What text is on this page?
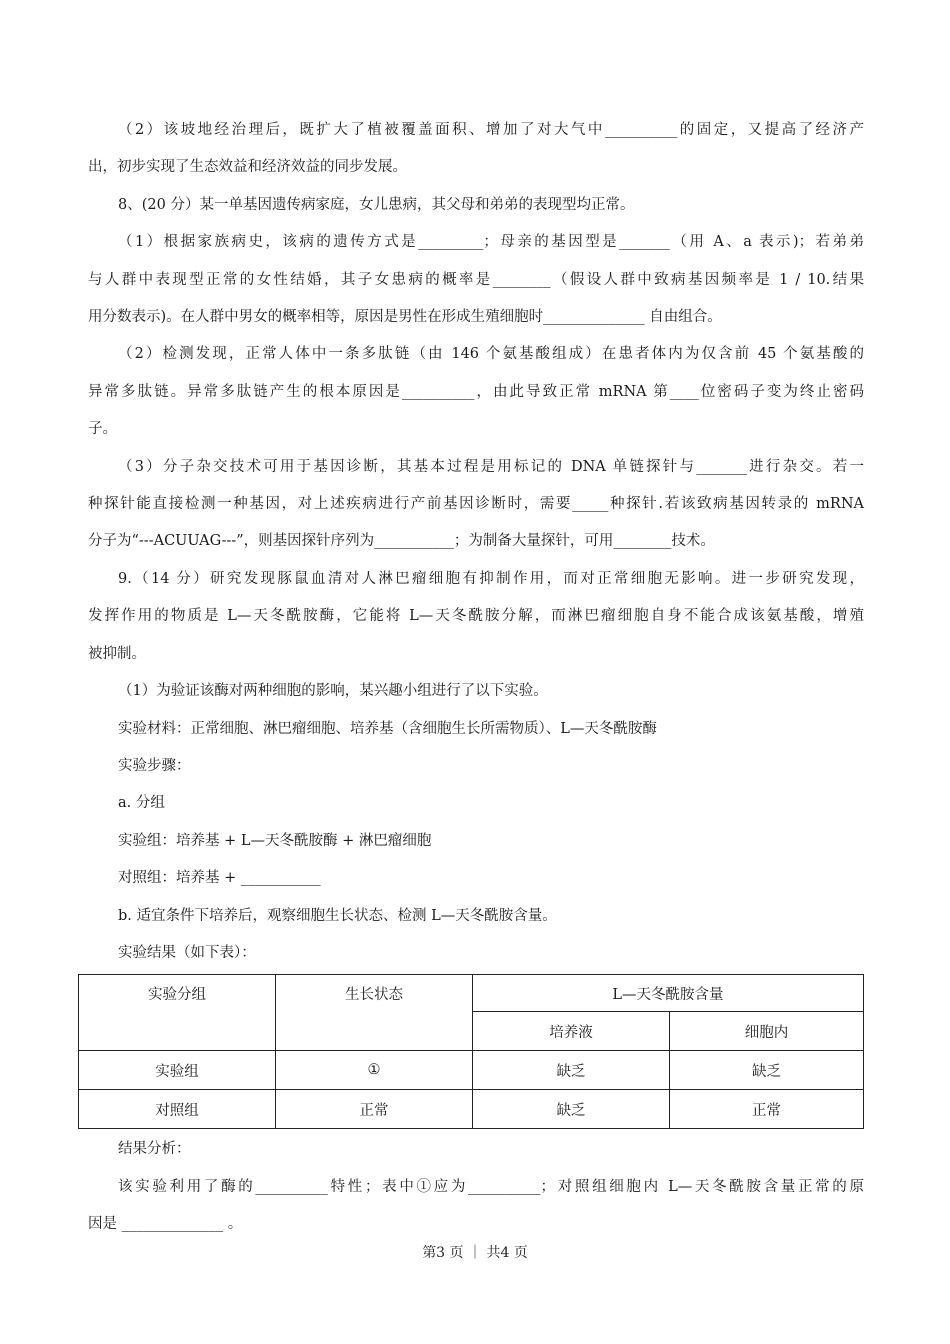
（2）该坡地经治理后，既扩大了植被覆盖面积、增加了对大气中__________的固定，又提高了经济产

出，初步实现了生态效益和经济效益的同步发展。

8、(20 分）某一单基因遗传病家庭，女儿患病，其父母和弟弟的表现型均正常。

（1）根据家族病史，该病的遗传方式是_________；母亲的基因型是_______（用 A、a 表示)；若弟弟

与人群中表现型正常的女性结婚，其子女患病的概率是________（假设人群中致病基因频率是 1 / 10.结果

用分数表示)。在人群中男女的概率相等，原因是男性在形成生殖细胞时______________ 自由组合。

（2）检测发现，正常人体中一条多肽链（由 146 个氨基酸组成）在患者体内为仅含前 45 个氨基酸的

异常多肽链。异常多肽链产生的根本原因是__________，由此导致正常 mRNA 第____位密码子变为终止密码

子。

（3）分子杂交技术可用于基因诊断，其基本过程是用标记的 DNA 单链探针与_______进行杂交。若一

种探针能直接检测一种基因，对上述疾病进行产前基因诊断时，需要_____种探针.若该致病基因转录的 mRNA

分子为“---ACUUAG---”，则基因探针序列为___________；为制备大量探针，可用________技术。

9.（14 分）研究发现豚鼠血清对人淋巴瘤细胞有抑制作用，而对正常细胞无影响。进一步研究发现，

发挥作用的物质是 L—天冬酰胺酶，它能将 L—天冬酰胺分解，而淋巴瘤细胞自身不能合成该氨基酸，增殖

被抑制。

（1）为验证该酶对两种细胞的影响，某兴趣小组进行了以下实验。

实验材料：正常细胞、淋巴瘤细胞、培养基（含细胞生长所需物质）、L—天冬酰胺酶

实验步骤：

a. 分组

实验组：培养基 + L—天冬酰胺酶 + 淋巴瘤细胞

对照组：培养基 + ___________

b. 适宜条件下培养后，观察细胞生长状态、检测 L—天冬酰胺含量。

实验结果（如下表）：

实验分组	生长状态	L—天冬酰胺含量	
		培养液	细胞内
实验组	①	缺乏	缺乏
对照组	正常	缺乏	正常

结果分析：

该实验利用了酶的__________特性；表中①应为__________；对照组细胞内 L—天冬酰胺含量正常的原

因是 ______________ 。

第3 页 ｜ 共4 页
